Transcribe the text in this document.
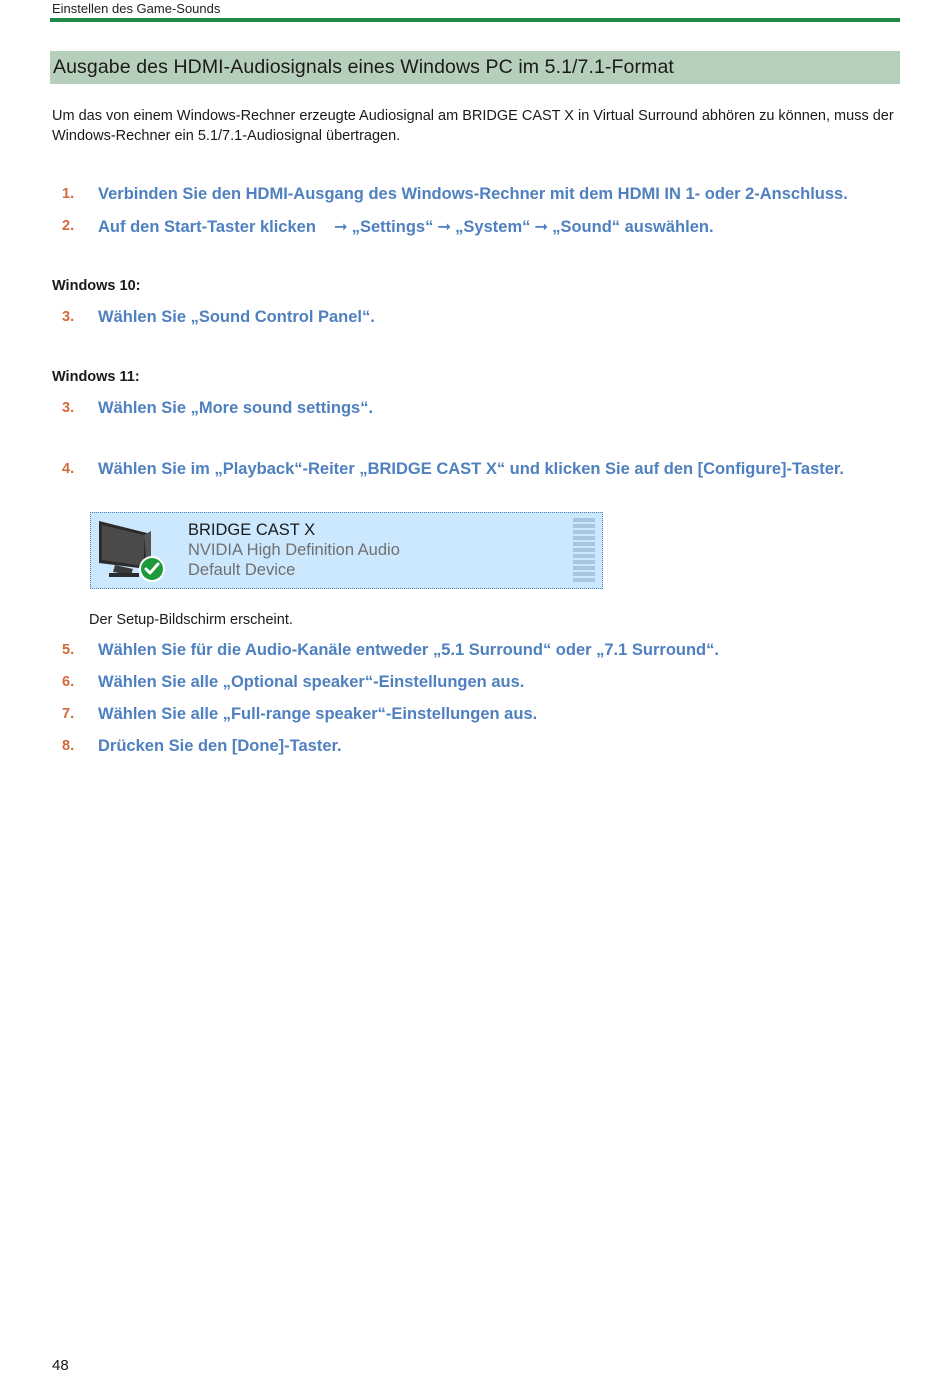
Einstellen des Game-Sounds
Ausgabe des HDMI-Audiosignals eines Windows PC im 5.1/7.1-Format

Um das von einem Windows-Rechner erzeugte Audiosignal am BRIDGE CAST X in Virtual Surround abhören zu können, muss der Windows-Rechner ein 5.1/7.1-Audiosignal übertragen.

1. Verbinden Sie den HDMI-Ausgang des Windows-Rechner mit dem HDMI IN 1- oder 2-Anschluss.
2. Auf den Start-Taster klicken ➞ „Settings“ ➞ „System“ ➞ „Sound“ auswählen.
Windows 10:
3. Wählen Sie „Sound Control Panel“.
Windows 11:
3. Wählen Sie „More sound settings“.
4. Wählen Sie im „Playback“-Reiter „BRIDGE CAST X“ und klicken Sie auf den [Configure]-Taster.
BRIDGE CAST X
NVIDIA High Definition Audio
Default Device
Der Setup-Bildschirm erscheint.
5. Wählen Sie für die Audio-Kanäle entweder „5.1 Surround“ oder „7.1 Surround“.
6. Wählen Sie alle „Optional speaker“-Einstellungen aus.
7. Wählen Sie alle „Full-range speaker“-Einstellungen aus.
8. Drücken Sie den [Done]-Taster.
48
